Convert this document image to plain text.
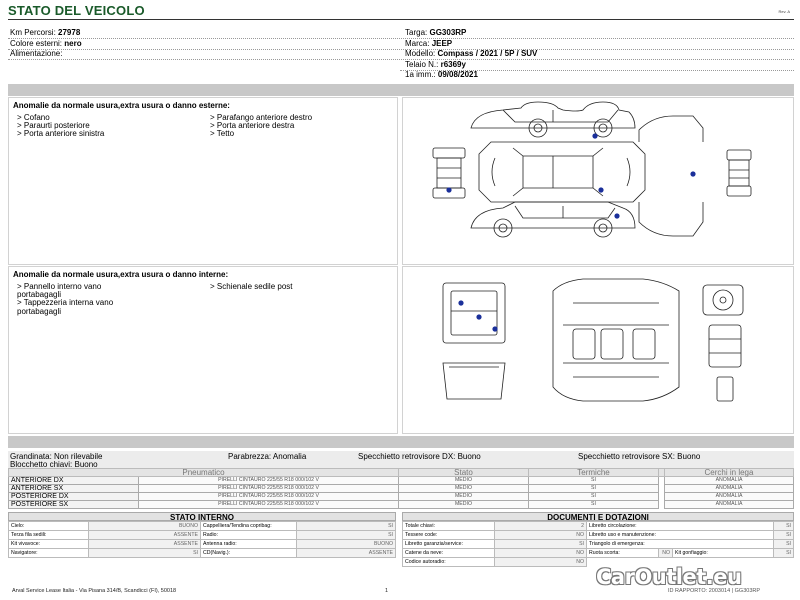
STATO DEL VEICOLO	Rev. A
Km Percorsi: 27978
Colore esterni: nero
Alimentazione:
Targa: GG303RP
Marca: JEEP
Modello: Compass / 2021 / 5P / SUV
Telaio N.: r6369y
1a imm.: 09/08/2021
Anomalie da normale usura,extra usura o danno esterne:
> Cofano
> Paraurti posteriore
> Porta anteriore sinistra
> Parafango anteriore destro
> Porta anteriore destra
> Tetto
Anomalie da normale usura,extra usura o danno interne:
> Pannello interno vano
portabagagli
> Tappezzeria interna vano
portabagagli
> Schienale sedile post
Grandinata: Non rilevabile	Parabrezza: Anomalia	Specchietto retrovisore DX: Buono	Specchietto retrovisore SX: Buono
Blocchetto chiavi: Buono
Pneumatico		Stato	Termiche		Cerchi in lega
ANTERIORE DX	PIRELLI CINTAURO 225/55 R18 000/102 V	MEDIO	SI		ANOMALIA
ANTERIORE SX	PIRELLI CINTAURO 225/55 R18 000/102 V	MEDIO	SI		ANOMALIA
POSTERIORE DX	PIRELLI CINTAURO 225/55 R18 000/102 V	MEDIO	SI		ANOMALIA
POSTERIORE SX	PIRELLI CINTAURO 225/55 R18 000/102 V	MEDIO	SI		ANOMALIA
STATO INTERNO
Cielo:	BUONO	Cappelliera/Tendina copribag:	SI
Terza fila sedili:	ASSENTE	Radio:	SI
Kit vivavoce:	ASSENTE	Antenna radio:	BUONO
Navigatore:	SI	CD(Navig.):	ASSENTE
DOCUMENTI E DOTAZIONI
Totale chiavi:	2	Libretto circolazione:			SI
Tessere code:	NO	Libretto uso e manutenzione:			SI
Libretto garanzia/service:	SI	Triangolo di emergenza:			SI
Catene da neve:	NO	Ruota scorta:	NO	Kit gonfiaggio:	SI
Codice autoradio:	NO				
Arval Service Lease Italia - Via Pisana 314/B, Scandicci (FI), 50018	1	ID RAPPORTO: 2003014 | GG303RP
CarOutlet.eu
